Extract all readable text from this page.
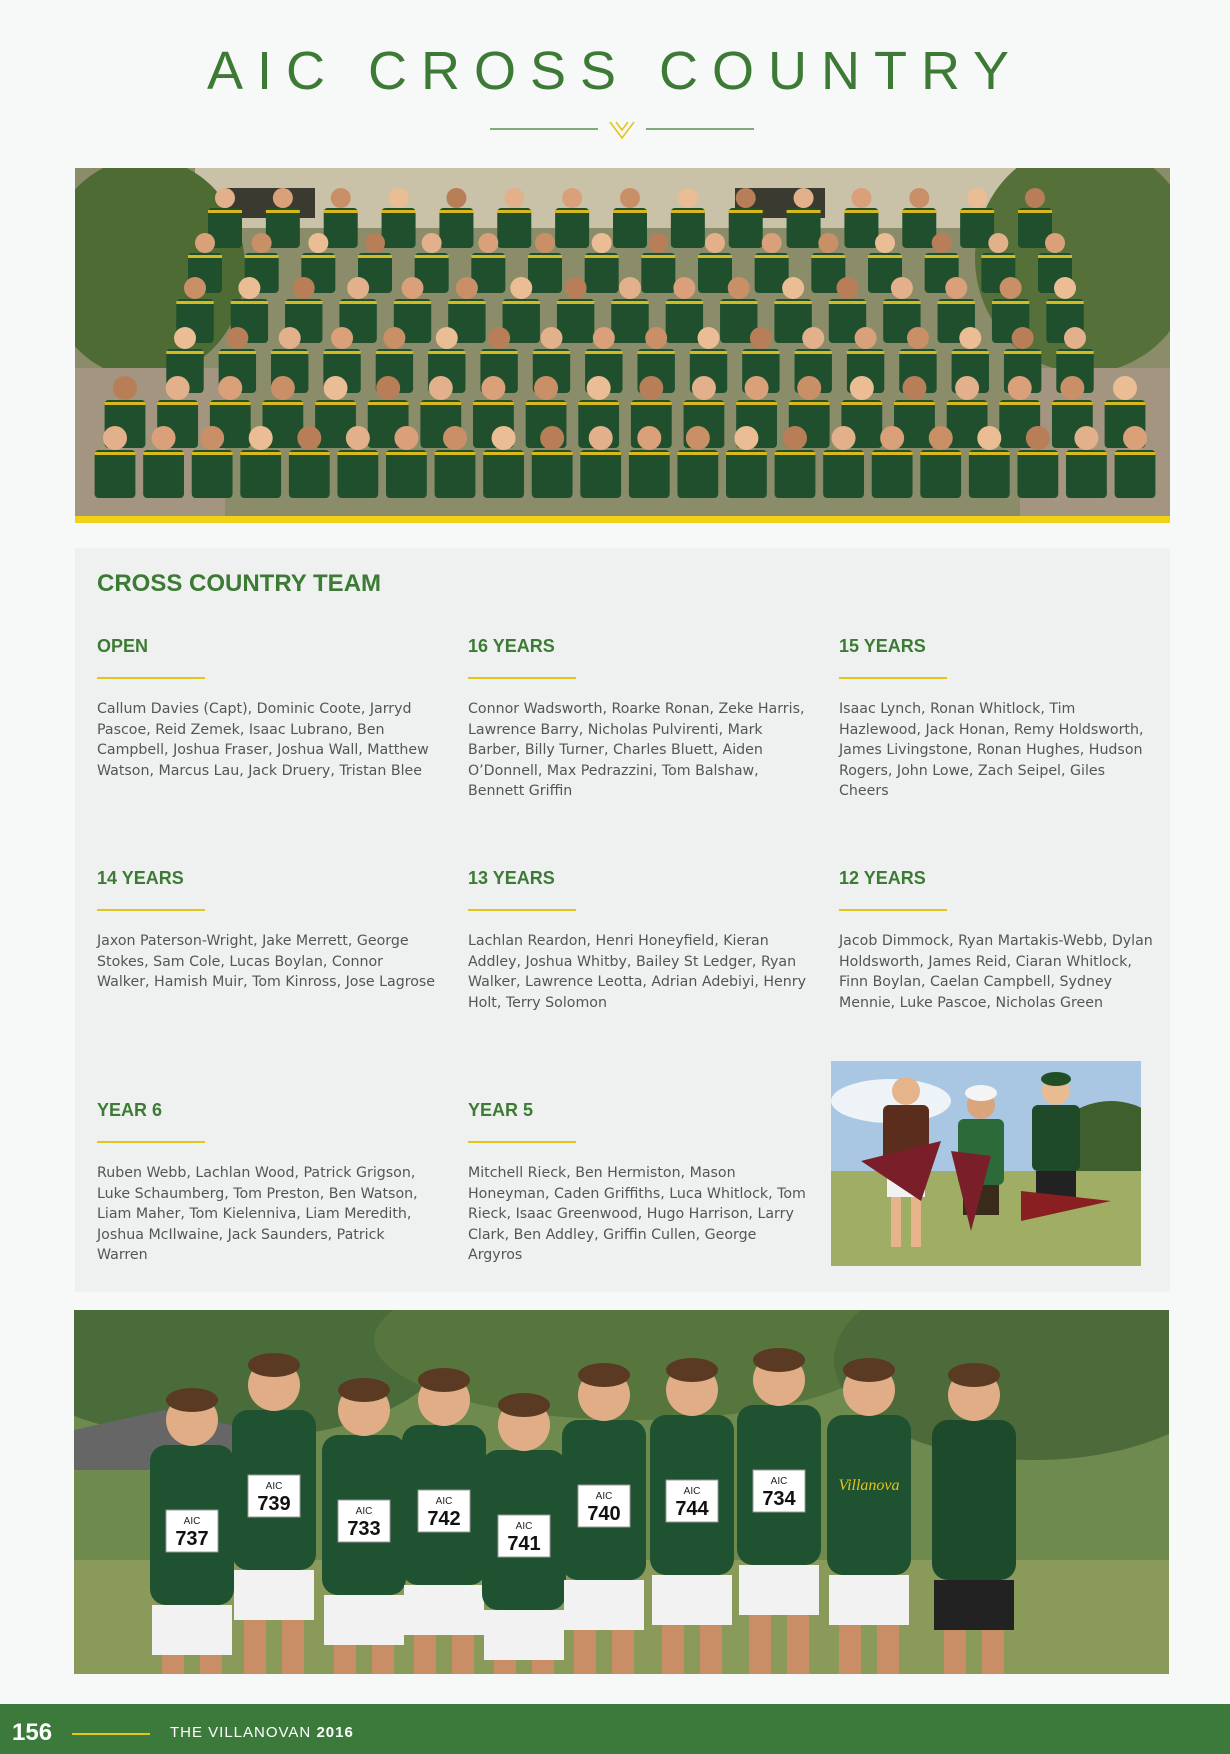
AIC CROSS COUNTRY
CROSS COUNTRY TEAM
OPEN
Callum Davies (Capt), Dominic Coote, Jarryd Pascoe, Reid Zemek, Isaac Lubrano, Ben Campbell, Joshua Fraser, Joshua Wall, Matthew Watson, Marcus Lau, Jack Druery, Tristan Blee
16 YEARS
Connor Wadsworth, Roarke Ronan, Zeke Harris, Lawrence Barry, Nicholas Pulvirenti, Mark Barber, Billy Turner, Charles Bluett, Aiden O’Donnell, Max Pedrazzini, Tom Balshaw, Bennett Griffin
15 YEARS
Isaac Lynch, Ronan Whitlock, Tim Hazlewood, Jack Honan, Remy Holdsworth, James Livingstone, Ronan Hughes, Hudson Rogers, John Lowe, Zach Seipel, Giles Cheers
14 YEARS
Jaxon Paterson-Wright, Jake Merrett, George Stokes, Sam Cole, Lucas Boylan, Connor Walker, Hamish Muir, Tom Kinross, Jose Lagrose
13 YEARS
Lachlan Reardon, Henri Honeyfield, Kieran Addley, Joshua Whitby, Bailey St Ledger, Ryan Walker, Lawrence Leotta, Adrian Adebiyi, Henry Holt, Terry Solomon
12 YEARS
Jacob Dimmock, Ryan Martakis-Webb, Dylan Holdsworth, James Reid, Ciaran Whitlock, Finn Boylan, Caelan Campbell, Sydney Mennie, Luke Pascoe, Nicholas Green
YEAR 6
Ruben Webb, Lachlan Wood, Patrick Grigson, Luke Schaumberg, Tom Preston, Ben Watson, Liam Maher, Tom Kielenniva, Liam Meredith, Joshua McIlwaine, Jack Saunders, Patrick Warren
YEAR 5
Mitchell Rieck, Ben Hermiston, Mason Honeyman, Caden Griffiths, Luca Whitlock, Tom Rieck, Isaac Greenwood, Hugo Harrison, Larry Clark, Ben Addley, Griffin Cullen, George Argyros
AIC
737
AIC
739	AIC
733
AIC
742	AIC
741
AIC
740
AIC
744
AIC
734
Villanova
156	THE VILLANOVAN 2016
